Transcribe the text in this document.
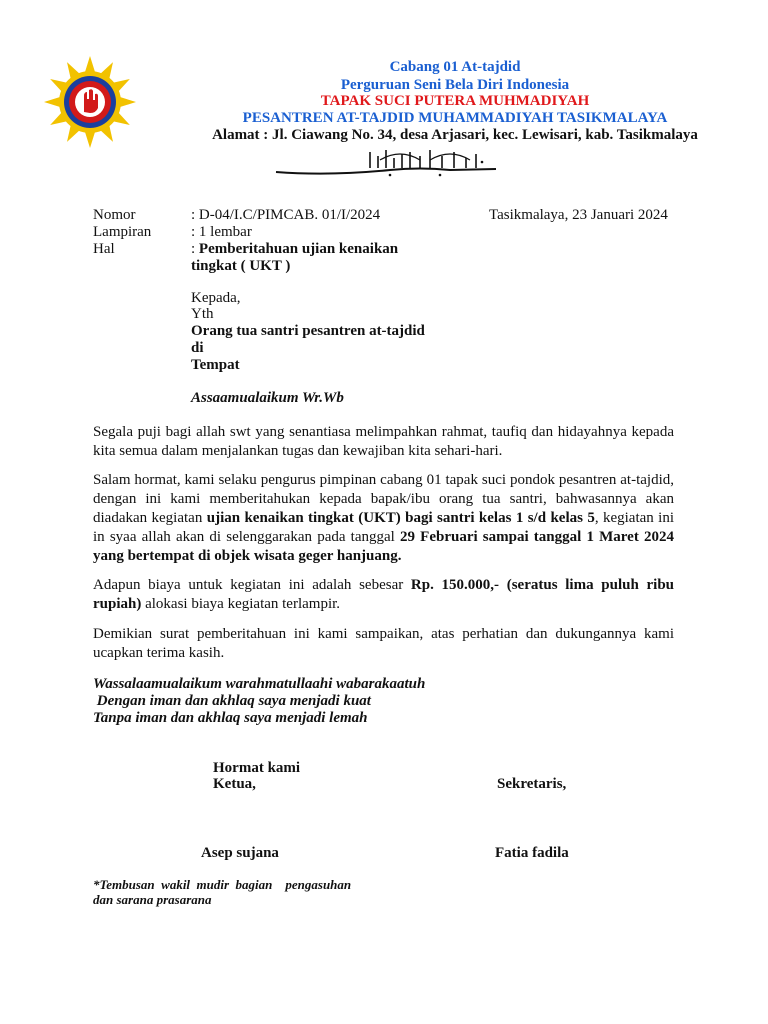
Cabang 01 At-tajdid
Perguruan Seni Bela Diri Indonesia
TAPAK SUCI PUTERA MUHMADIYAH
PESANTREN AT-TAJDID MUHAMMADIYAH TASIKMALAYA
Alamat : Jl. Ciawang No. 34, desa Arjasari, kec. Lewisari, kab. Tasikmalaya
Nomor	: D-04/I.C/PIMCAB. 01/I/2024	Tasikmalaya, 23 Januari 2024
Lampiran	: 1 lembar
Hal	: Pemberitahuan ujian kenaikan
tingkat ( UKT )
Kepada,
Yth
Orang tua santri pesantren at-tajdid
di
Tempat
Assaamualaikum Wr.Wb
Segala puji bagi allah swt yang senantiasa melimpahkan rahmat, taufiq dan hidayahnya kepada kita semua dalam menjalankan tugas dan kewajiban kita sehari-hari.
Salam hormat, kami selaku pengurus pimpinan cabang 01 tapak suci pondok pesantren at-tajdid, dengan ini kami memberitahukan kepada bapak/ibu orang tua santri, bahwasannya akan diadakan kegiatan ujian kenaikan tingkat (UKT) bagi santri kelas 1 s/d kelas 5, kegiatan ini in syaa allah akan di selenggarakan pada tanggal 29 Februari sampai tanggal 1 Maret 2024 yang bertempat di objek wisata geger hanjuang.
Adapun biaya untuk kegiatan ini adalah sebesar Rp. 150.000,- (seratus lima puluh ribu rupiah) alokasi biaya kegiatan terlampir.
Demikian surat pemberitahuan ini kami sampaikan, atas perhatian dan dukungannya kami ucapkan terima kasih.
Wassalaamualaikum warahmatullaahi wabarakaatuh
Dengan iman dan akhlaq saya menjadi kuat
Tanpa iman dan akhlaq saya menjadi lemah
Hormat kami
Ketua,	Sekretaris,
Asep sujana	Fatia fadila
*Tembusan  wakil  mudir  bagian    pengasuhan
dan sarana prasarana
